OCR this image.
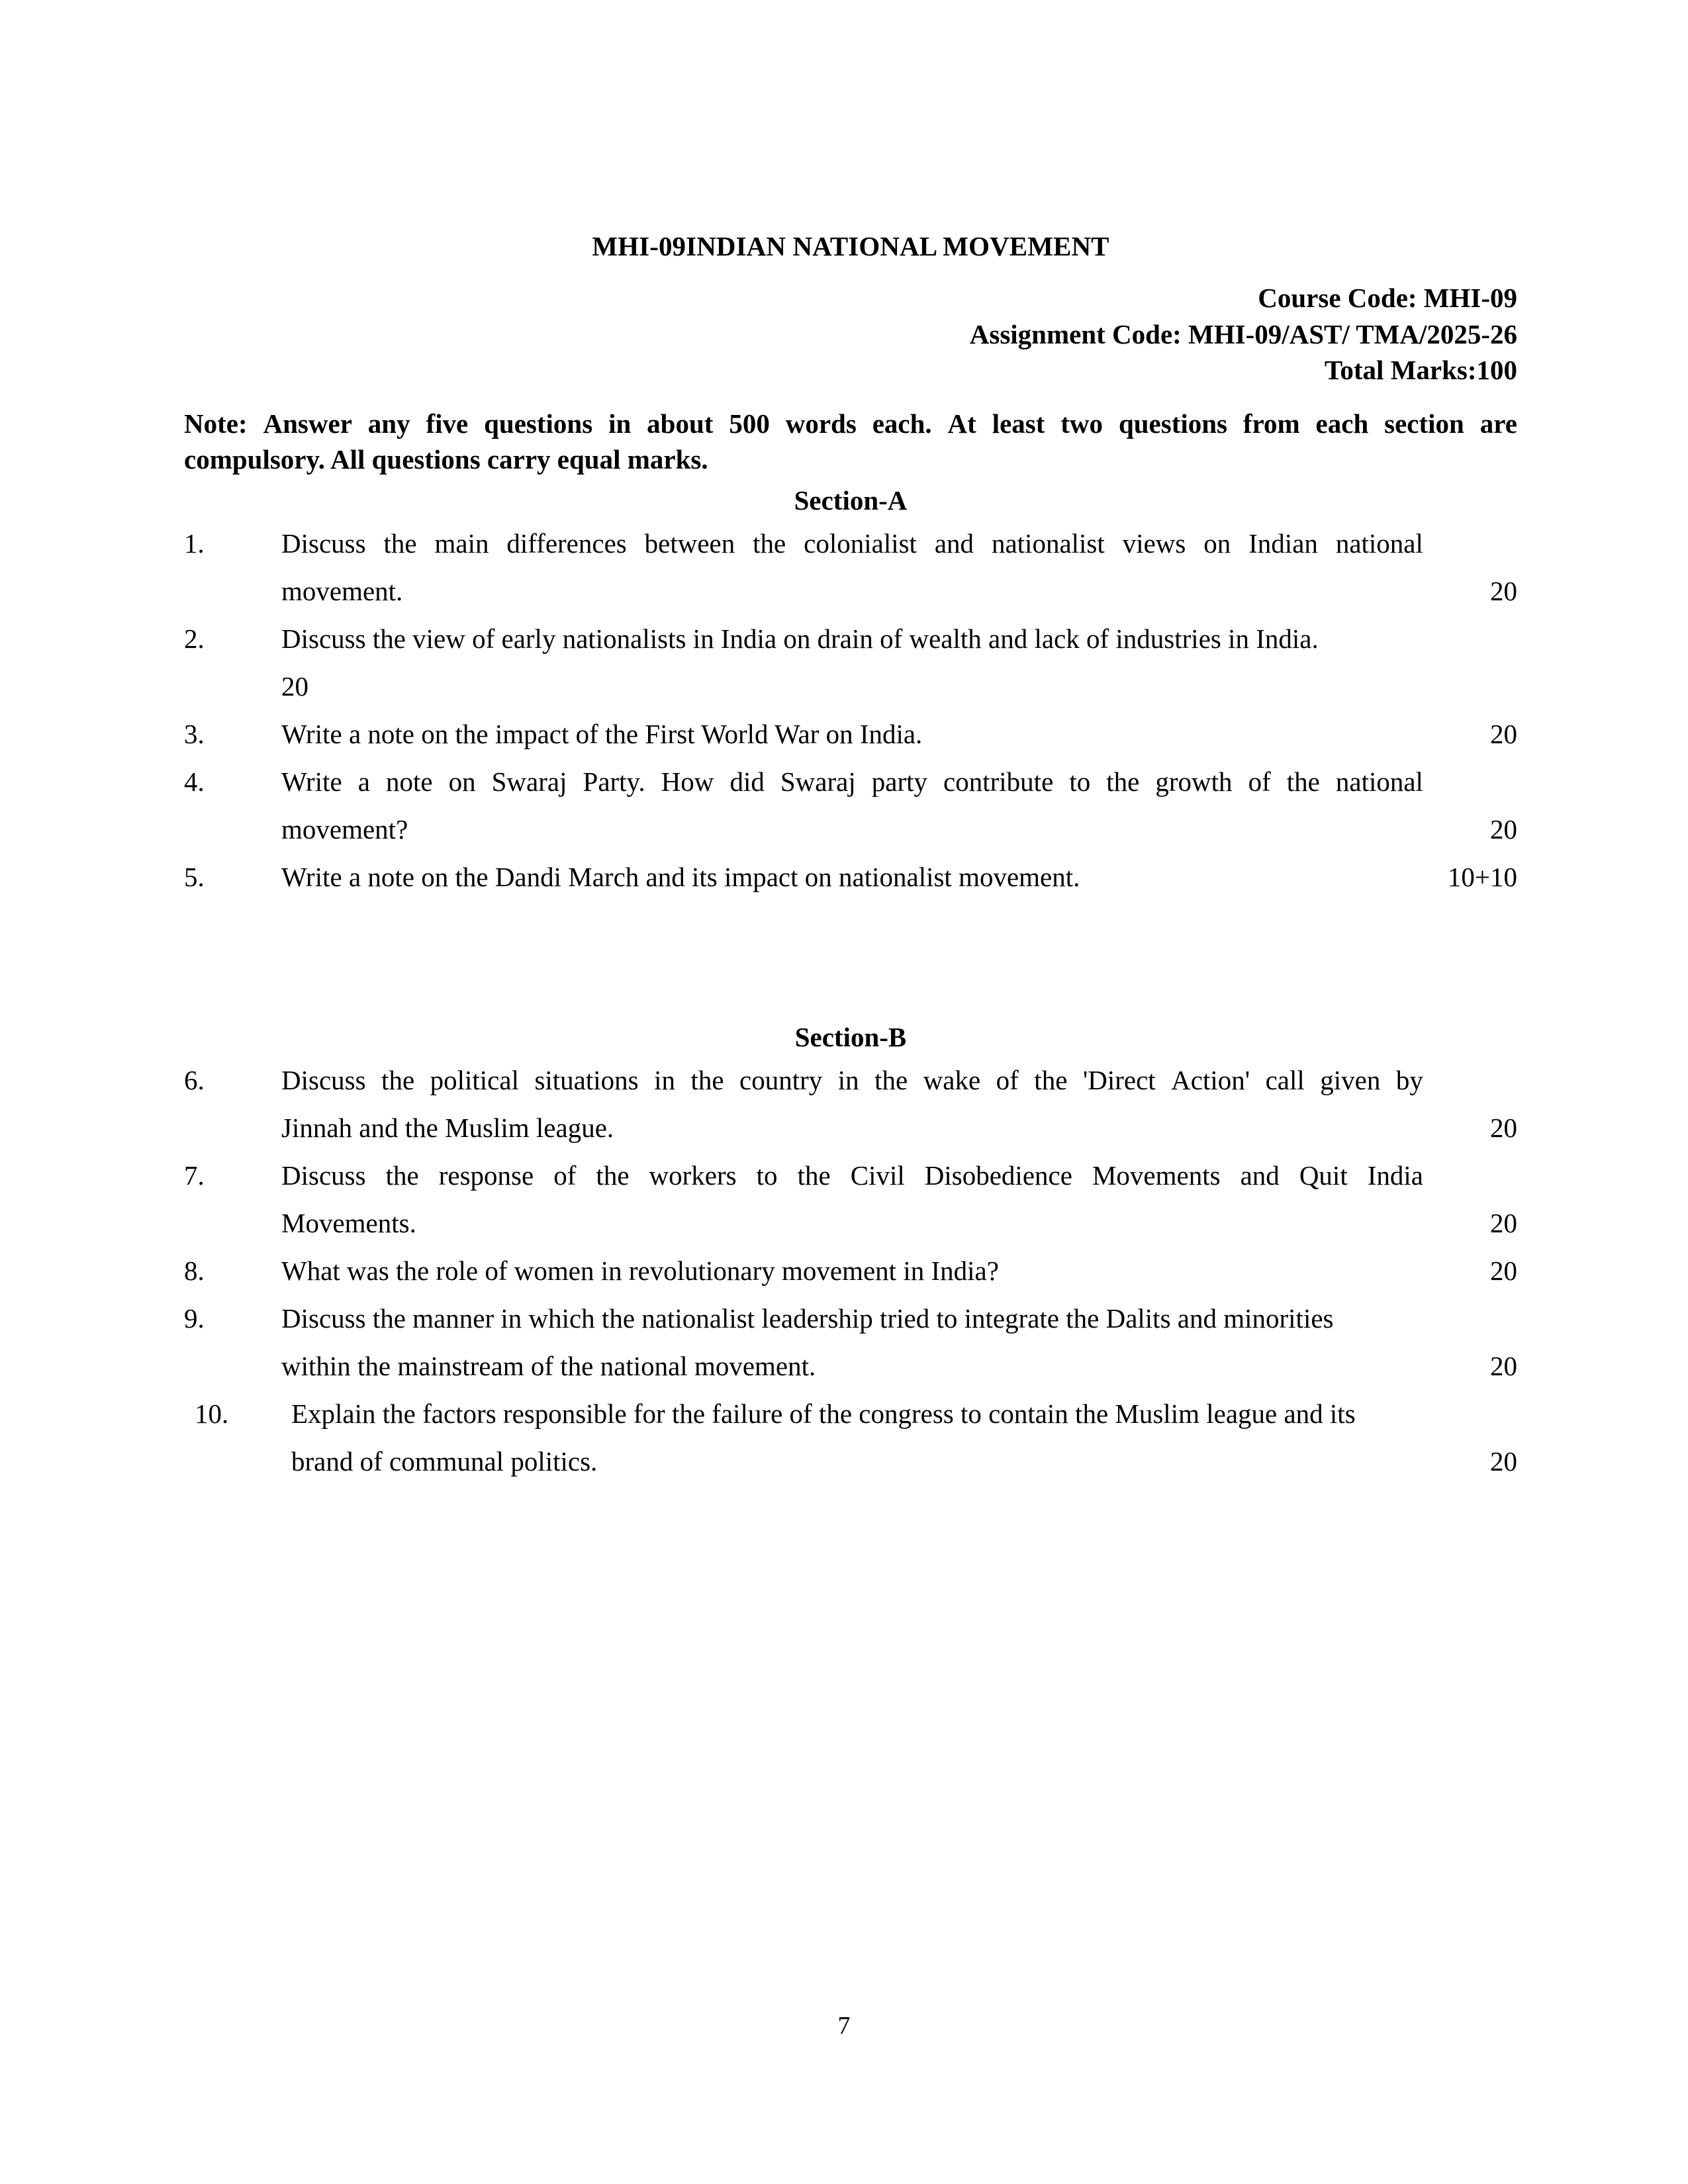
MHI-09INDIAN NATIONAL MOVEMENT
Course Code: MHI-09
Assignment Code: MHI-09/AST/ TMA/2025-26
Total Marks:100
Note: Answer any five questions in about 500 words each. At least two questions from each section are
compulsory. All questions carry equal marks.
Section-A
1.	Discuss the main differences between the colonialist and nationalist views on Indian national
movement.	20
2.	Discuss the view of early nationalists in India on drain of wealth and lack of industries in India.
20
3.	Write a note on the impact of the First World War on India.	20
4.	Write a note on Swaraj Party. How did Swaraj party contribute to the growth of the national
movement?	20
5.	Write a note on the Dandi March and its impact on nationalist movement.	10+10
Section-B
6.	Discuss the political situations in the country in the wake of the 'Direct Action' call given by
Jinnah and the Muslim league.	20
7.	Discuss the response of the workers to the Civil Disobedience Movements and Quit India
Movements.	20
8.	What was the role of women in revolutionary movement in India?	20
9.	Discuss the manner in which the nationalist leadership tried to integrate the Dalits and minorities
within the mainstream of the national movement.	20
10.	Explain the factors responsible for the failure of the congress to contain the Muslim league and its
brand of communal politics.	20
7
